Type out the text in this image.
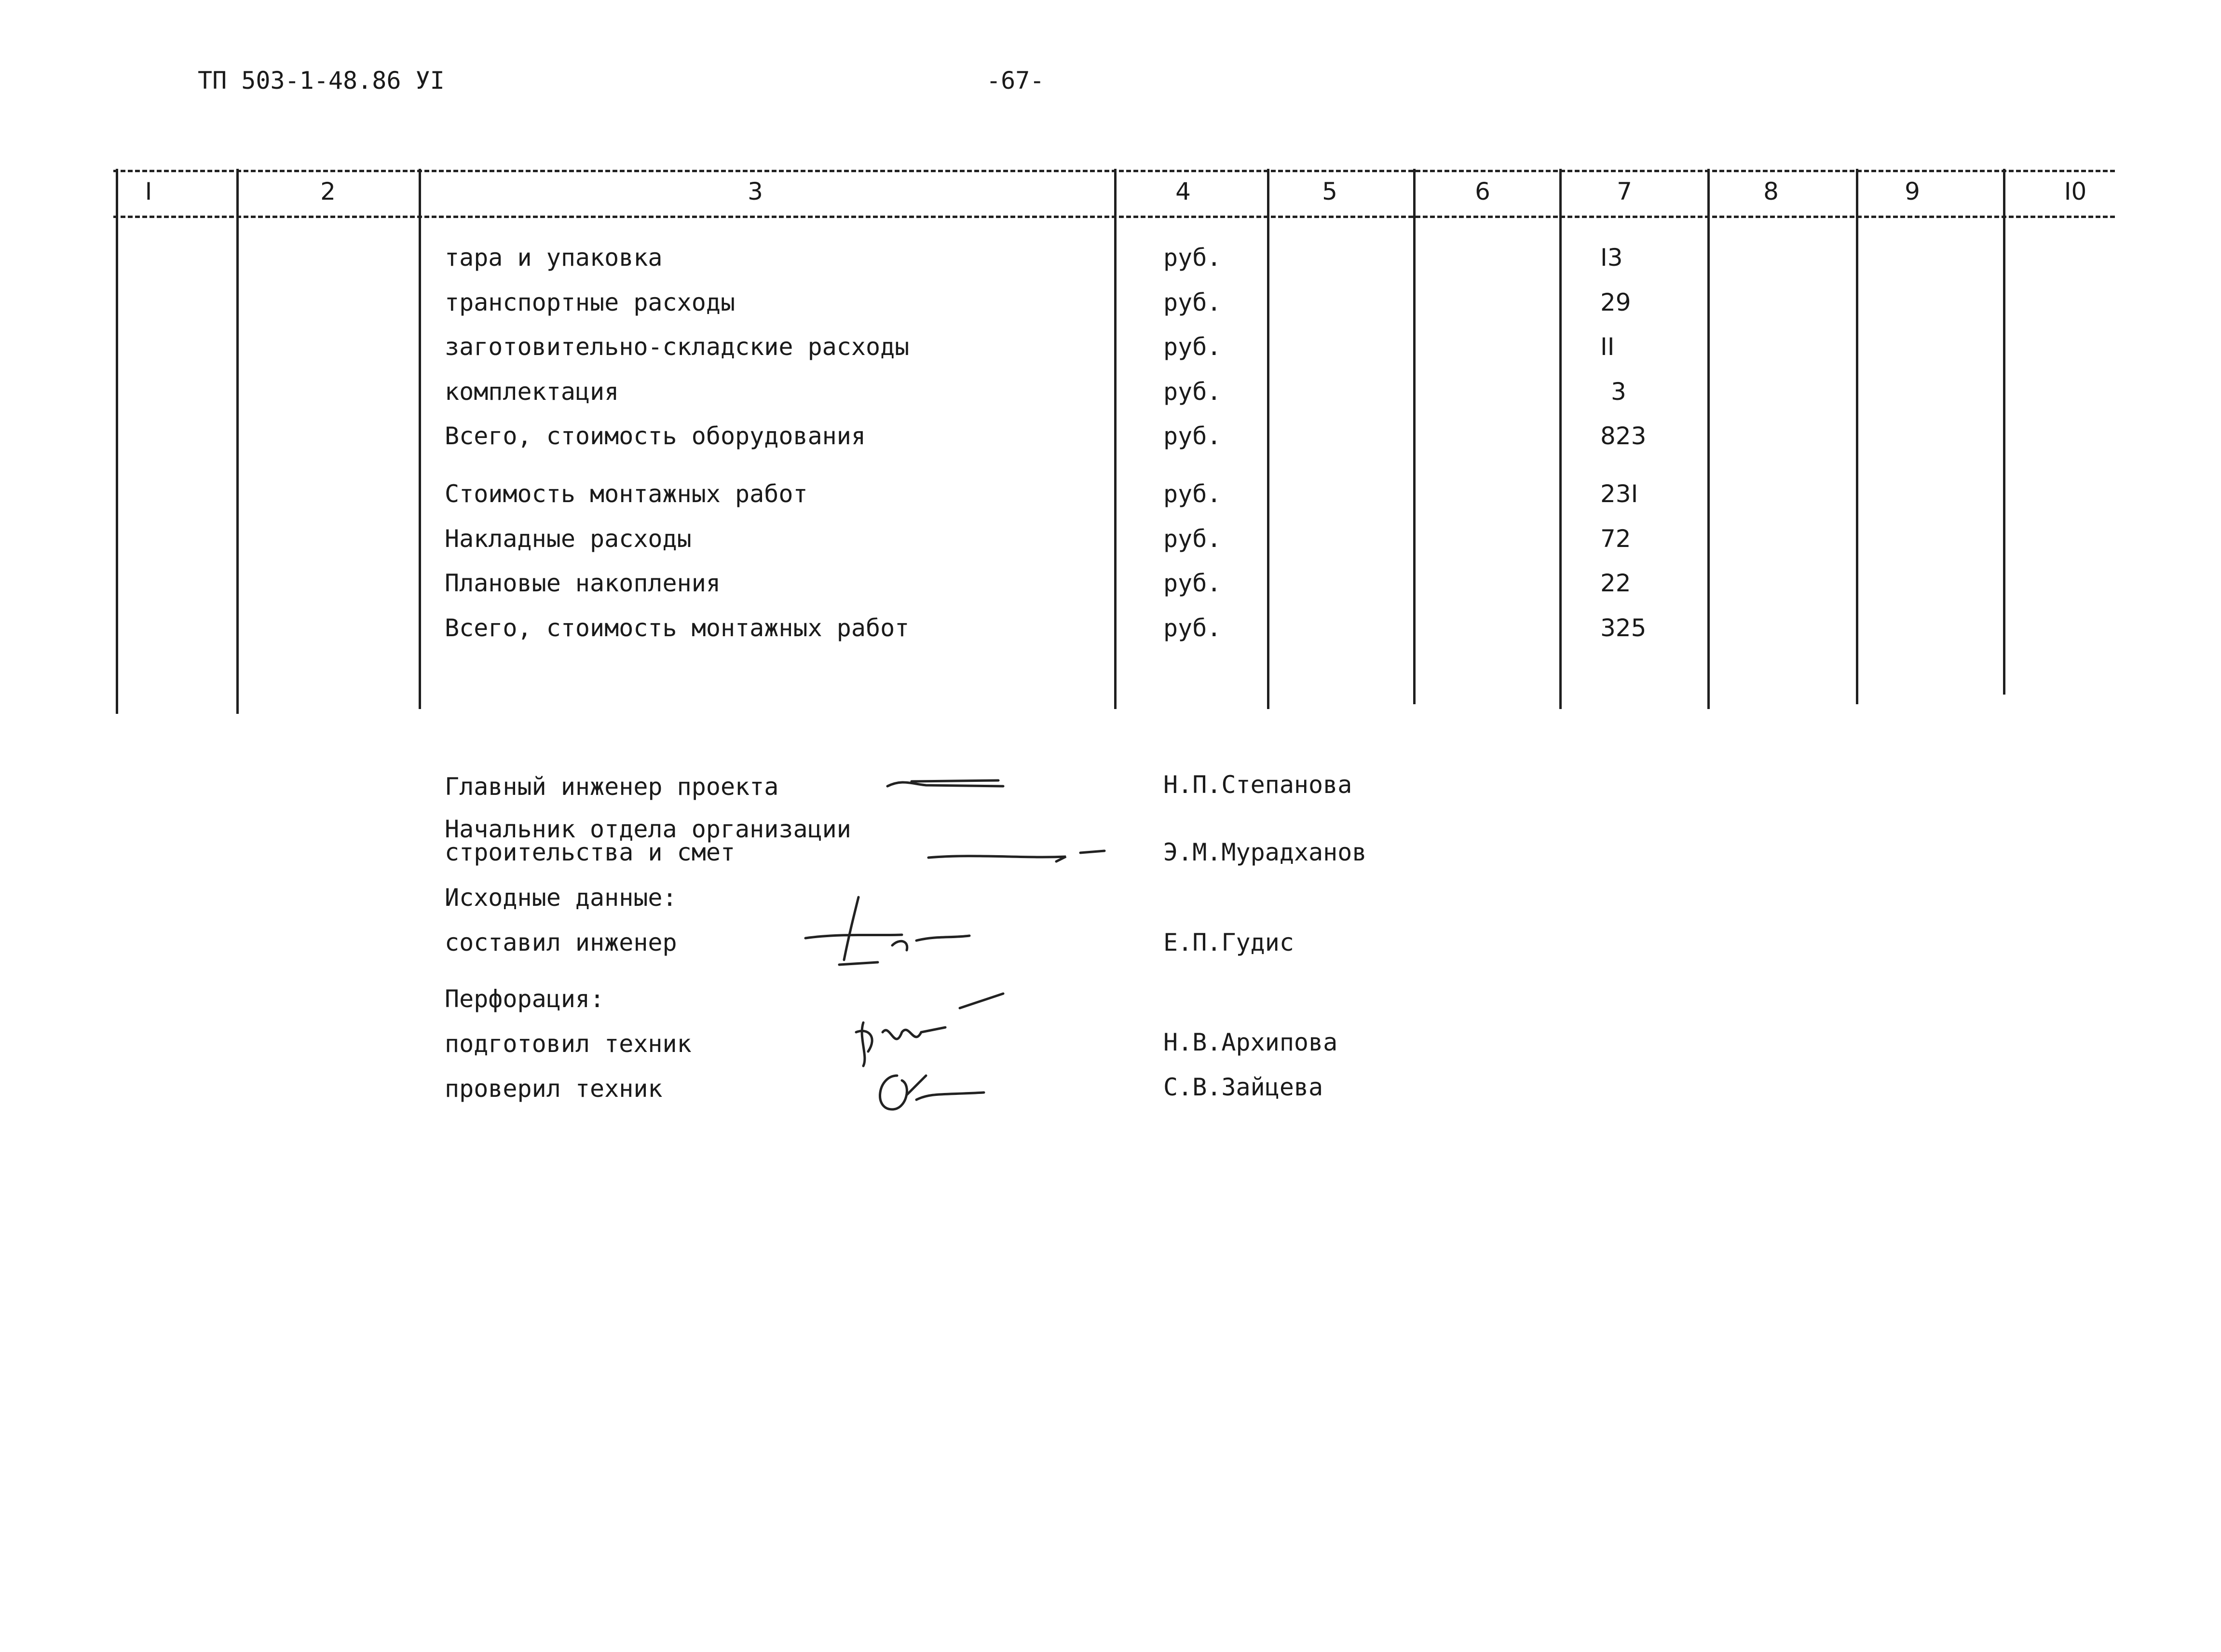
ТП 503-1-48.86 УI	-67-
I	2	3	4	5	6	7	8	9	I0
тара и упаковка	руб.	I3
транспортные расходы	руб.	29
заготовительно-складские расходы	руб.	II
комплектация	руб.	3
Всего, стоимость оборудования	руб.	823
Стоимость монтажных работ	руб.	23I
Накладные расходы	руб.	72
Плановые накопления	руб.	22
Всего, стоимость монтажных работ	руб.	325
Главный инженер проекта	Н.П.Степанова
Начальник отдела организации
строительства и смет	Э.М.Мурадханов
Исходные данные:
составил инженер	Е.П.Гудис
Перфорация:
подготовил техник	Н.В.Архипова
проверил техник	С.В.Зайцева
